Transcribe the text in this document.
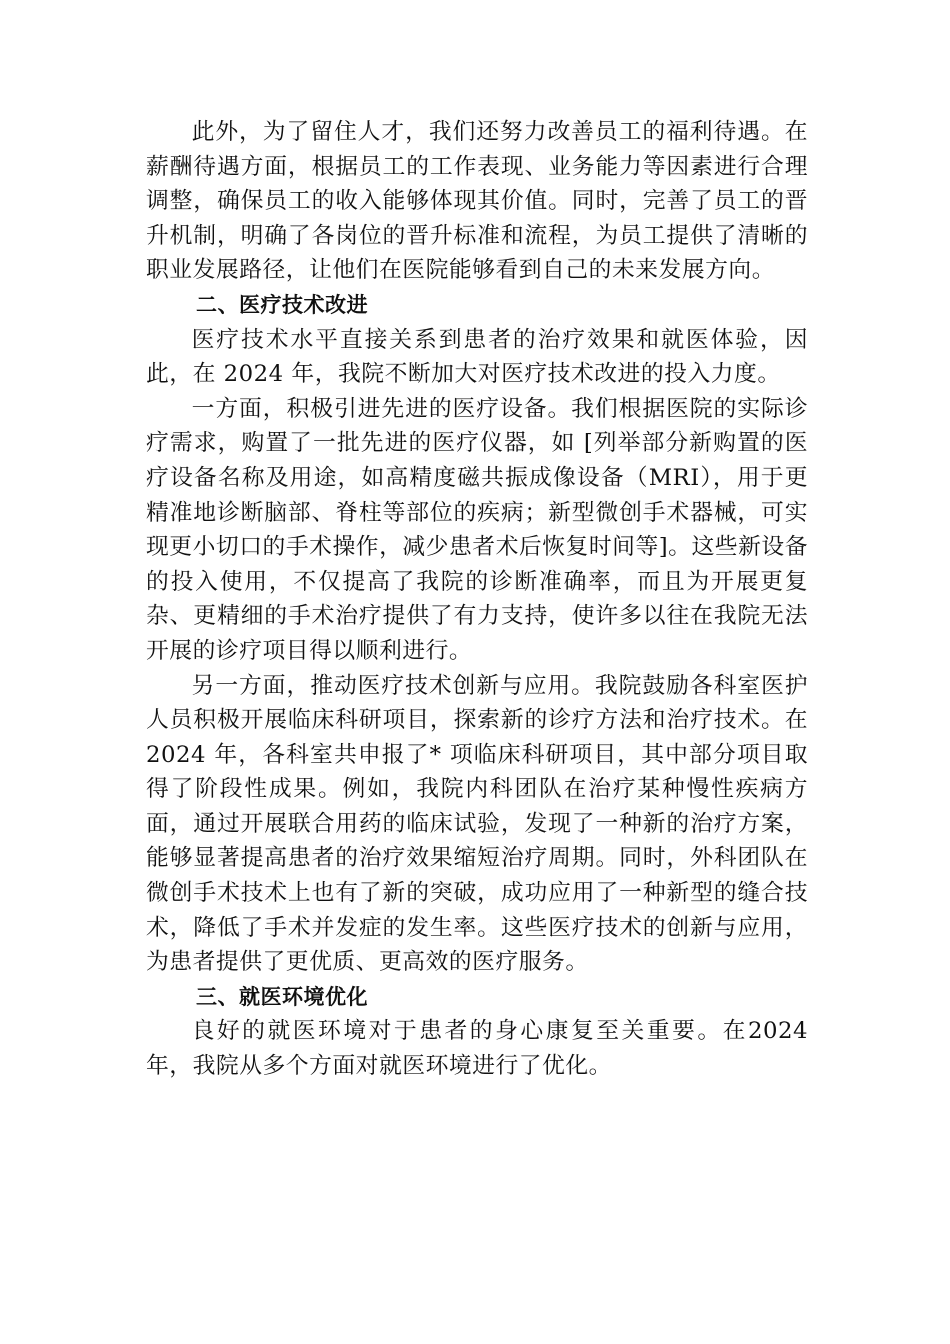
此外，为了留住人才，我们还努力改善员工的福利待遇。在薪酬待遇方面，根据员工的工作表现、业务能力等因素进行合理调整，确保员工的收入能够体现其价值。同时，完善了员工的晋升机制，明确了各岗位的晋升标准和流程，为员工提供了清晰的职业发展路径，让他们在医院能够看到自己的未来发展方向。

二、医疗技术改进

医疗技术水平直接关系到患者的治疗效果和就医体验，因此，在 2024 年，我院不断加大对医疗技术改进的投入力度。

一方面，积极引进先进的医疗设备。我们根据医院的实际诊疗需求，购置了一批先进的医疗仪器，如 [列举部分新购置的医疗设备名称及用途，如高精度磁共振成像设备（MRI），用于更精准地诊断脑部、脊柱等部位的疾病；新型微创手术器械，可实现更小切口的手术操作，减少患者术后恢复时间等]。这些新设备的投入使用，不仅提高了我院的诊断准确率，而且为开展更复杂、更精细的手术治疗提供了有力支持，使许多以往在我院无法开展的诊疗项目得以顺利进行。

另一方面，推动医疗技术创新与应用。我院鼓励各科室医护人员积极开展临床科研项目，探索新的诊疗方法和治疗技术。在 2024 年，各科室共申报了* 项临床科研项目，其中部分项目取得了阶段性成果。例如，我院内科团队在治疗某种慢性疾病方面，通过开展联合用药的临床试验，发现了一种新的治疗方案，能够显著提高患者的治疗效果缩短治疗周期。同时，外科团队在微创手术技术上也有了新的突破，成功应用了一种新型的缝合技术，降低了手术并发症的发生率。这些医疗技术的创新与应用，为患者提供了更优质、更高效的医疗服务。

三、就医环境优化

良好的就医环境对于患者的身心康复至关重要。在2024 年，我院从多个方面对就医环境进行了优化。
